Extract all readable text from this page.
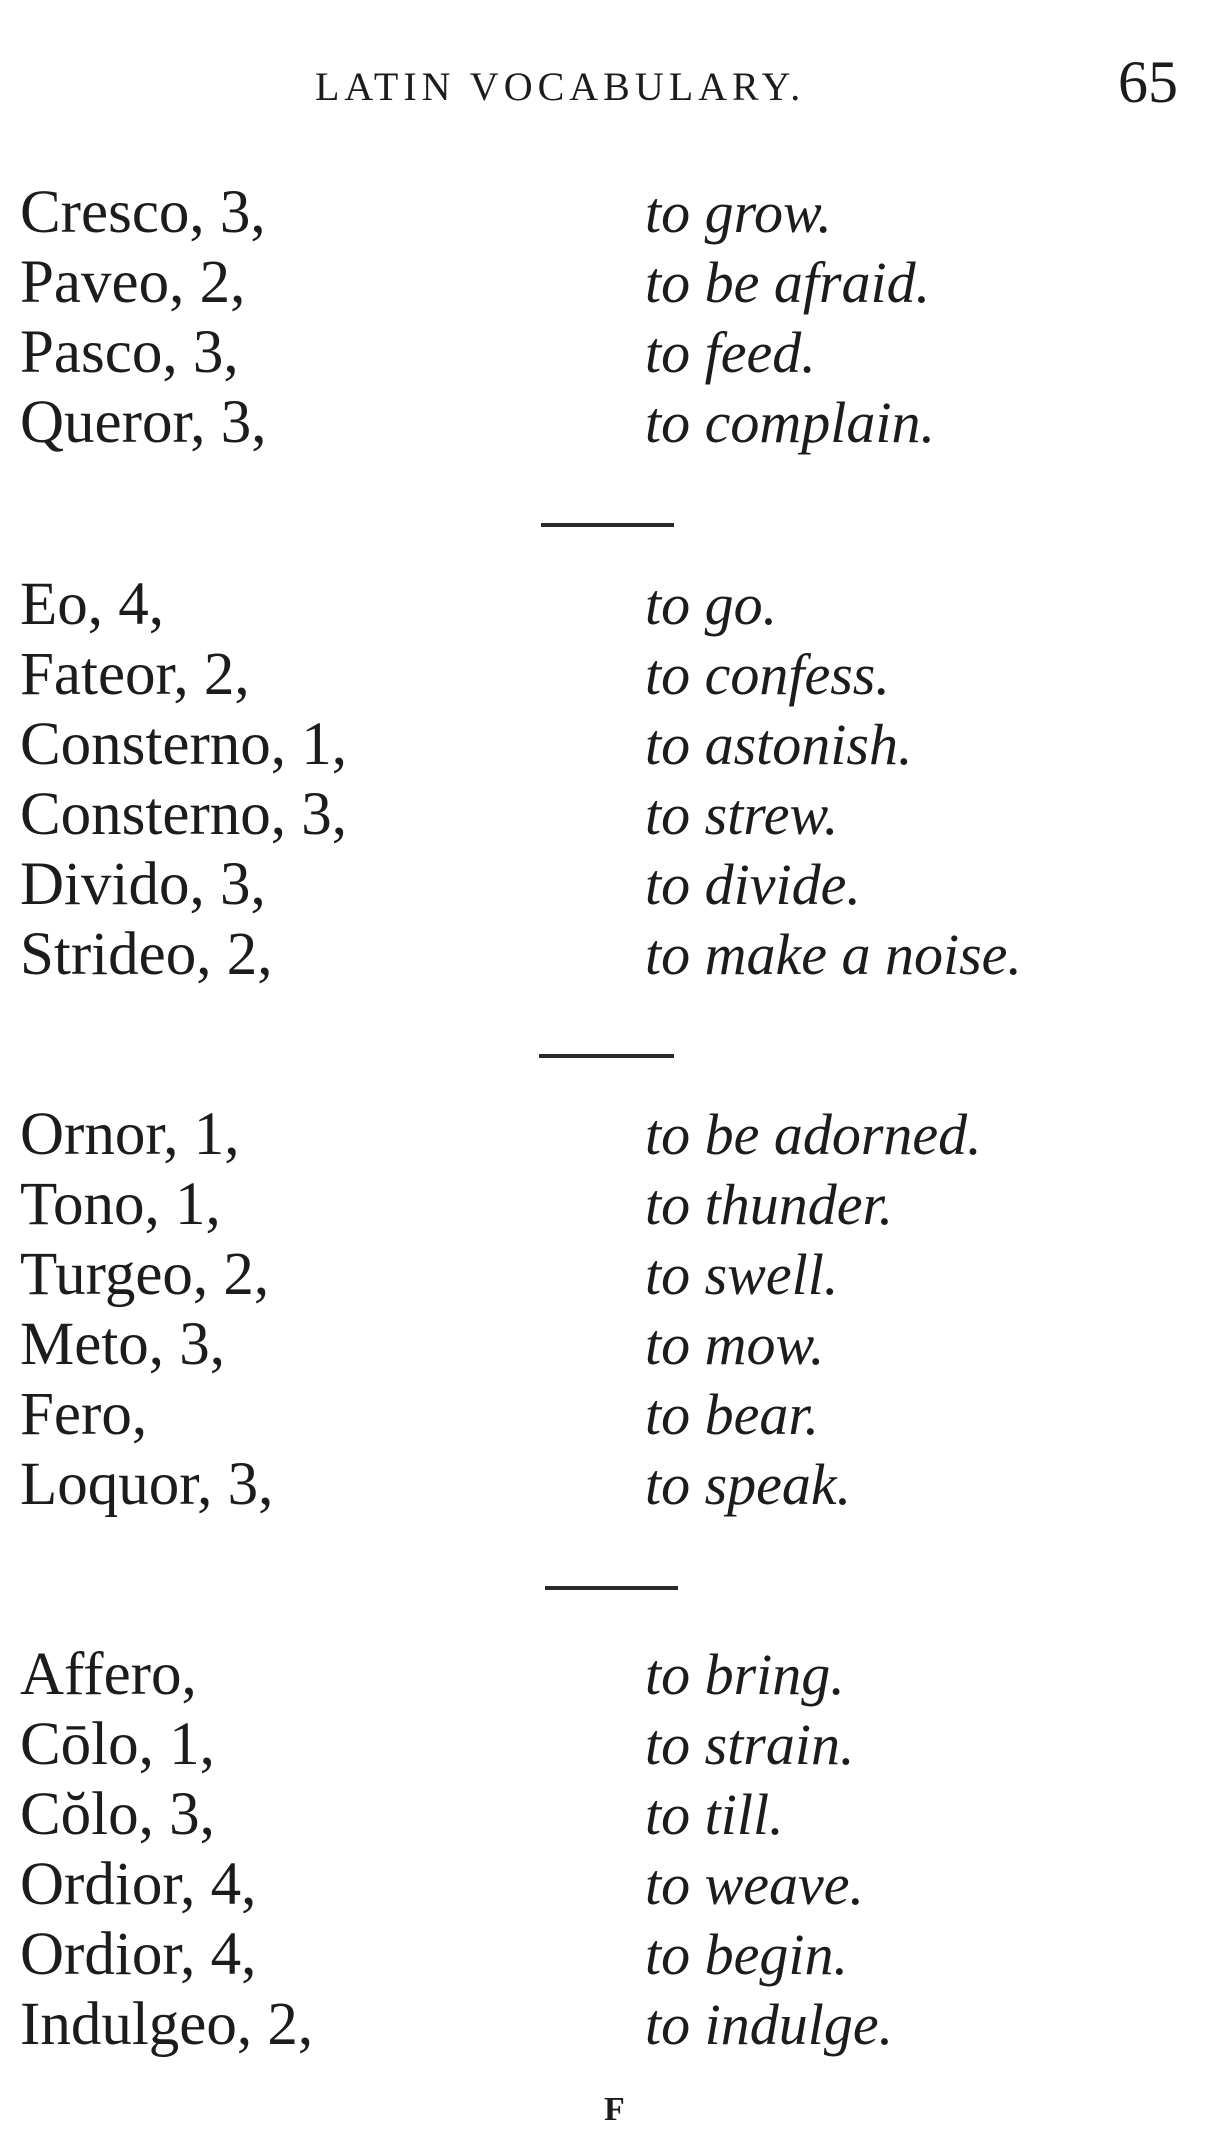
LATIN VOCABULARY.	65
Cresco, 3,	to grow.
Paveo, 2,	to be afraid.
Pasco, 3,	to feed.
Queror, 3,	to complain.
Eo, 4,	to go.
Fateor, 2,	to confess.
Consterno, 1,	to astonish.
Consterno, 3,	to strew.
Divido, 3,	to divide.
Strideo, 2,	to make a noise.
Ornor, 1,	to be adorned.
Tono, 1,	to thunder.
Turgeo, 2,	to swell.
Meto, 3,	to mow.
Fero,	to bear.
Loquor, 3,	to speak.
Affero,	to bring.
Cōlo, 1,	to strain.
Cŏlo, 3,	to till.
Ordior, 4,	to weave.
Ordior, 4,	to begin.
Indulgeo, 2,	to indulge.
F
